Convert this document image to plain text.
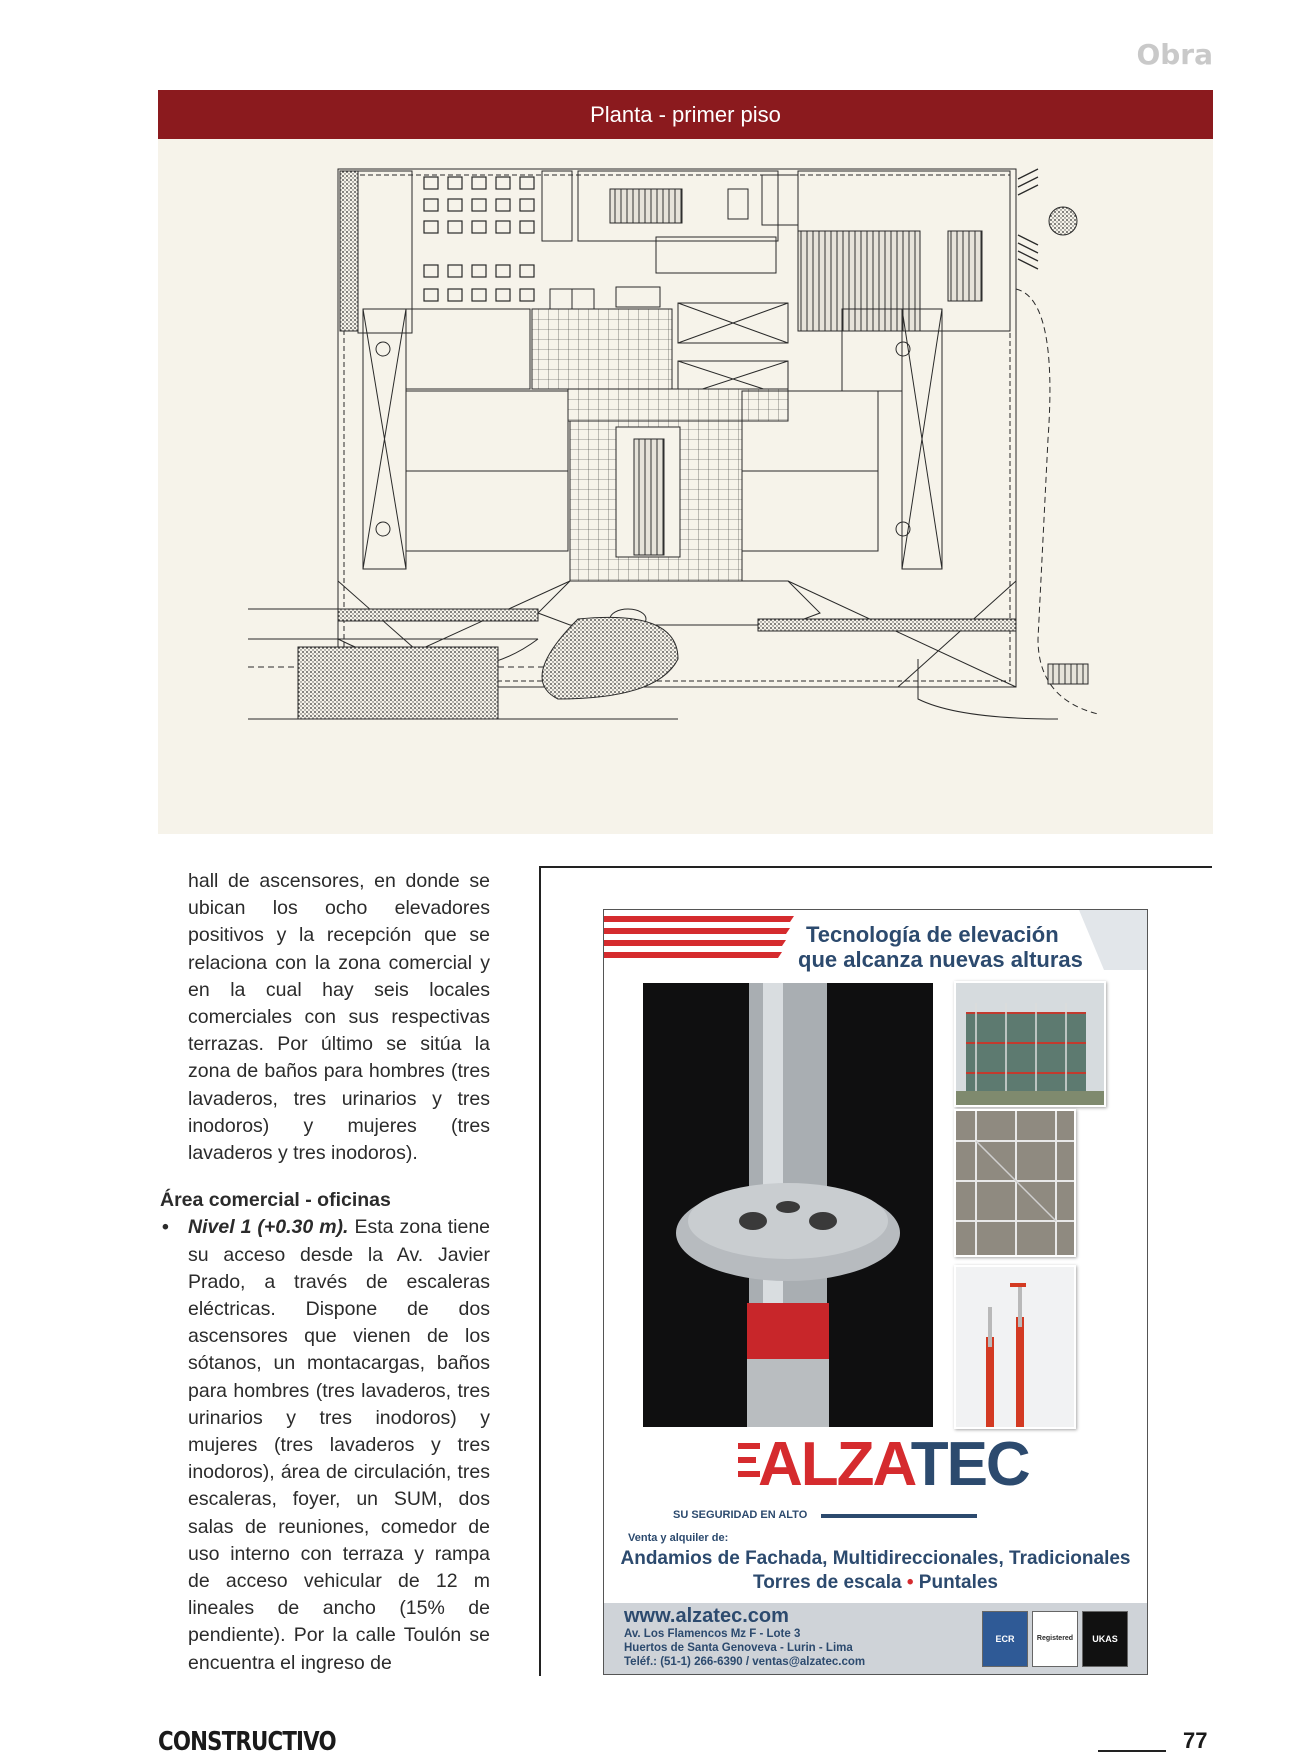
Obra
Planta - primer piso

hall de ascensores, en donde se ubican los ocho elevadores positivos y la recepción que se relaciona con la zona comercial y en la cual hay seis locales comerciales con sus respectivas terrazas. Por último se sitúa la zona de baños para hombres (tres lavaderos, tres urinarios y tres inodoros) y mujeres (tres lavaderos y tres inodoros).

Área comercial - oficinas
• Nivel 1 (+0.30 m). Esta zona tiene su acceso desde la Av. Javier Prado, a través de escaleras eléctricas. Dispone de dos ascensores que vienen de los sótanos, un montacargas, baños para hombres (tres lavaderos, tres urinarios y tres inodoros) y mujeres (tres lavaderos y tres inodoros), área de circulación, tres escaleras, foyer, un SUM, dos salas de reuniones, comedor de uso interno con terraza y rampa de acceso vehicular de 12 m lineales de ancho (15% de pendiente). Por la calle Toulón se encuentra el ingreso de
Tecnología de elevación
que alcanza nuevas alturas
ALZATEC
SU SEGURIDAD EN ALTO
Venta y alquiler de:
Andamios de Fachada, Multidireccionales, Tradicionales
Torres de escala • Puntales
www.alzatec.com
Av. Los Flamencos Mz F - Lote 3
Huertos de Santa Genoveva - Lurin - Lima
Teléf.: (51-1) 266-6390 / ventas@alzatec.com
ECR	Registered	UKAS
CONSTRUCTIVO	77
